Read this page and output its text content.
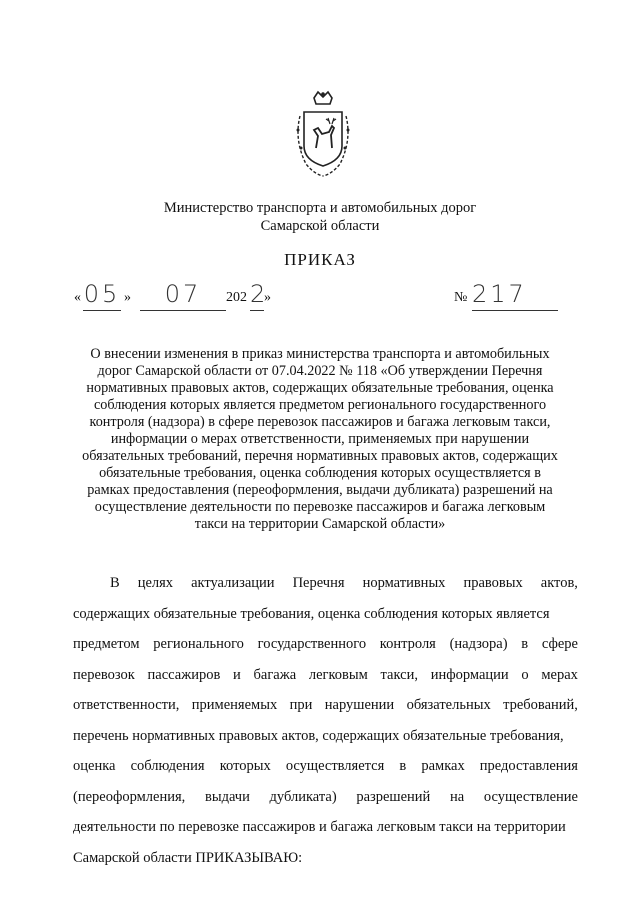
Министерство транспорта и автомобильных дорог
Самарской области
ПРИКАЗ
« 05 »	07	202 2
»	№ 217
О внесении изменения в приказ министерства транспорта и автомобильных
дорог Самарской области от 07.04.2022 № 118 «Об утверждении Перечня
нормативных правовых актов, содержащих обязательные требования, оценка
соблюдения которых является предметом регионального государственного
контроля (надзора) в сфере перевозок пассажиров и багажа легковым такси,
информации о мерах ответственности, применяемых при нарушении
обязательных требований, перечня нормативных правовых актов, содержащих
обязательные требования, оценка соблюдения которых осуществляется в
рамках предоставления (переоформления, выдачи дубликата) разрешений на
осуществление деятельности по перевозке пассажиров и багажа легковым
такси на территории Самарской области»
В целях актуализации Перечня нормативных правовых актов,
содержащих обязательные требования, оценка соблюдения которых является
предметом регионального государственного контроля (надзора) в сфере
перевозок пассажиров и багажа легковым такси, информации о мерах
ответственности, применяемых при нарушении обязательных требований,
перечень нормативных правовых актов, содержащих обязательные требования,
оценка соблюдения которых осуществляется в рамках предоставления
(переоформления, выдачи дубликата) разрешений на осуществление
деятельности по перевозке пассажиров и багажа легковым такси на территории
Самарской области ПРИКАЗЫВАЮ:
